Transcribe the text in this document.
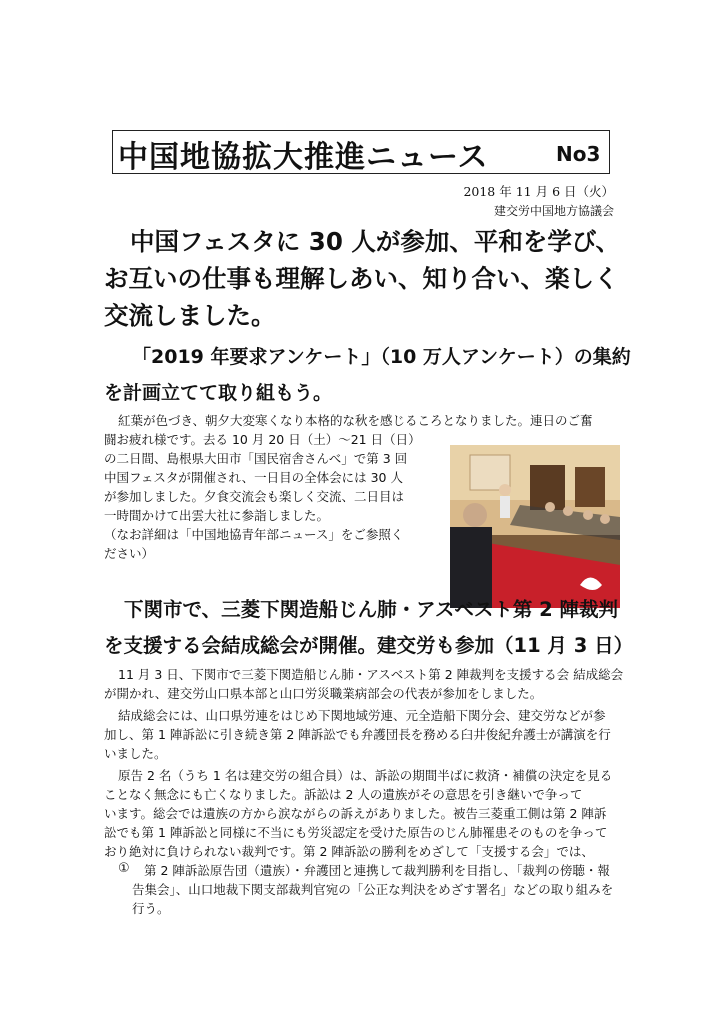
中国地協拡大推進ニュース	No3
2018 年 11 月 6 日（火）
建交労中国地方協議会
中国フェスタに 30 人が参加、平和を学び、
お互いの仕事も理解しあい、知り合い、楽しく
交流しました。
「2019 年要求アンケート」（10 万人アンケート）の集約
を計画立てて取り組もう。
紅葉が色づき、朝夕大変寒くなり本格的な秋を感じるころとなりました。連日のご奮
闘お疲れ様です。去る 10 月 20 日（土）～21 日（日）
の二日間、島根県大田市「国民宿舎さんべ」で第 3 回
中国フェスタが開催され、一日目の全体会には 30 人
が参加しました。夕食交流会も楽しく交流、二日目は
一時間かけて出雲大社に参詣しました。
（なお詳細は「中国地協青年部ニュース」をご参照く
ださい）
下関市で、三菱下関造船じん肺・アスベスト第 2 陣裁判
を支援する会結成総会が開催。建交労も参加（11 月 3 日）
11 月 3 日、下関市で三菱下関造船じん肺・アスベスト第 2 陣裁判を支援する会 結成総会
が開かれ、建交労山口県本部と山口労災職業病部会の代表が参加をしました。
結成総会には、山口県労連をはじめ下関地域労連、元全造船下関分会、建交労などが参
加し、第 1 陣訴訟に引き続き第 2 陣訴訟でも弁護団長を務める臼井俊紀弁護士が講演を行
いました。
原告 2 名（うち 1 名は建交労の組合員）は、訴訟の期間半ばに救済・補償の決定を見る
ことなく無念にも亡くなりました。訴訟は 2 人の遺族がその意思を引き継いで争って
います。総会では遺族の方から涙ながらの訴えがありました。被告三菱重工側は第 2 陣訴
訟でも第 1 陣訴訟と同様に不当にも労災認定を受けた原告のじん肺罹患そのものを争って
おり絶対に負けられない裁判です。第 2 陣訴訟の勝利をめざして「支援する会」では、
① 第 2 陣訴訟原告団（遺族）・弁護団と連携して裁判勝利を目指し、「裁判の傍聴・報
告集会」、山口地裁下関支部裁判官宛の「公正な判決をめざす署名」などの取り組みを
行う。
